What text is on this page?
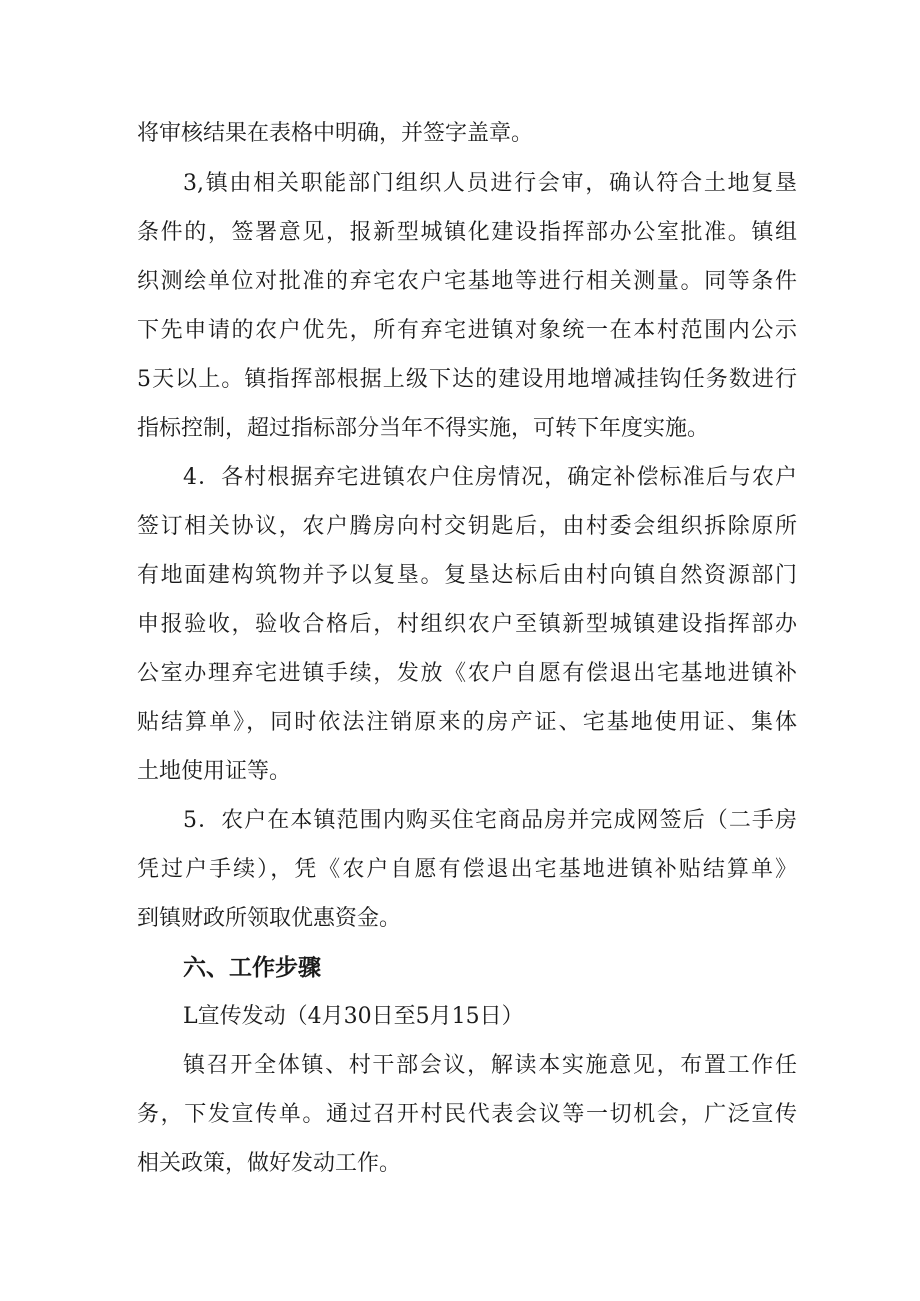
将审核结果在表格中明确，并签字盖章。
3,镇由相关职能部门组织人员进行会审，确认符合土地复垦
条件的，签署意见，报新型城镇化建设指挥部办公室批准。镇组
织测绘单位对批准的弃宅农户宅基地等进行相关测量。同等条件
下先申请的农户优先，所有弃宅进镇对象统一在本村范围内公示
5天以上。镇指挥部根据上级下达的建设用地增减挂钩任务数进行
指标控制，超过指标部分当年不得实施，可转下年度实施。
4．各村根据弃宅进镇农户住房情况，确定补偿标准后与农户
签订相关协议，农户腾房向村交钥匙后，由村委会组织拆除原所
有地面建构筑物并予以复垦。复垦达标后由村向镇自然资源部门
申报验收，验收合格后，村组织农户至镇新型城镇建设指挥部办
公室办理弃宅进镇手续，发放《农户自愿有偿退出宅基地进镇补
贴结算单》，同时依法注销原来的房产证、宅基地使用证、集体
土地使用证等。
5．农户在本镇范围内购买住宅商品房并完成网签后（二手房
凭过户手续），凭《农户自愿有偿退出宅基地进镇补贴结算单》
到镇财政所领取优惠资金。
六、工作步骤
L宣传发动（4月30日至5月15日）
镇召开全体镇、村干部会议，解读本实施意见，布置工作任
务，下发宣传单。通过召开村民代表会议等一切机会，广泛宣传
相关政策，做好发动工作。
